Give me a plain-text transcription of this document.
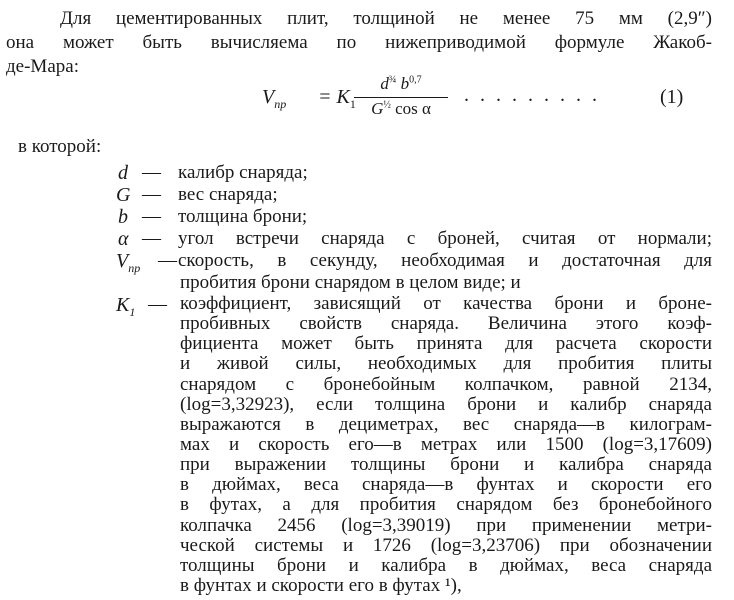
Для цементированных плит, толщиной не менее 75 мм (2,9″)
она может быть вычисляема по нижеприводимой формуле Жакоб-
де-Мара:
$V_{пр} = K_1$
$d^{\frac{3}{4}}$ $b^{0,7}$
$G^{\frac{1}{2}}$ cos α
. . . . . . . . .	(1)
в которой:
d — калибр снаряда;
G — вес снаряда;
b — толщина брони;
α — угол встречи снаряда с броней, считая от нормали;
$V_{пр}$ — скорость, в секунду, необходимая и достаточная для
пробития брони снарядом в целом виде; и
$K_1$ — коэффициент, зависящий от качества брони и броне-
пробивных свойств снаряда. Величина этого коэф-
фициента может быть принята для расчета скорости
и живой силы, необходимых для пробития плиты
снарядом с бронебойным колпачком, равной 2134,
(log=3,32923), если толщина брони и калибр снаряда
выражаются в дециметрах, вес снаряда—в килограм-
мах и скорость его—в метрах или 1500 (log=3,17609)
при выражении толщины брони и калибра снаряда
в дюймах, веса снаряда—в фунтах и скорости его
в футах, а для пробития снарядом без бронебойного
колпачка 2456 (log=3,39019) при применении метри-
ческой системы и 1726 (log=3,23706) при обозначении
толщины брони и калибра в дюймах, веса снаряда
в фунтах и скорости его в футах ¹),
